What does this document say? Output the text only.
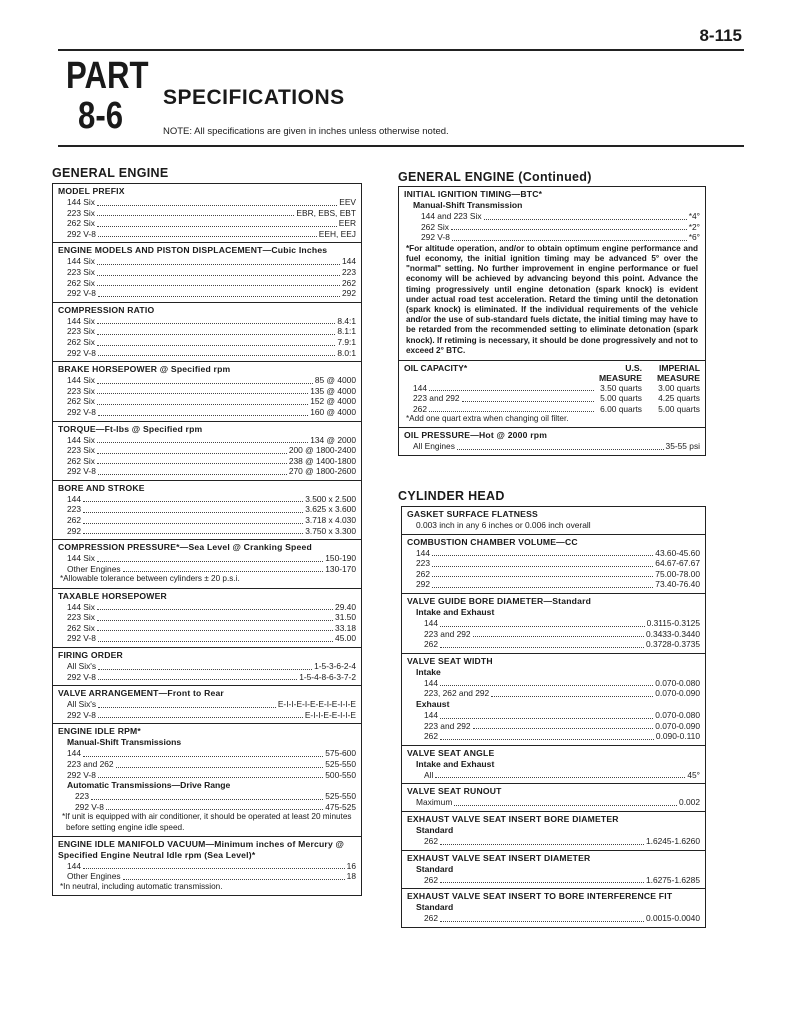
8-115
PART
8-6 SPECIFICATIONS
NOTE: All specifications are given in inches unless otherwise noted.
GENERAL ENGINE
MODEL PREFIX
144 Six	EEV
223 Six	EBR, EBS, EBT
262 Six	EER
292 V-8	EEH, EEJ
ENGINE MODELS AND PISTON DISPLACEMENT—Cubic Inches
144 Six	144
223 Six	223
262 Six	262
292 V-8	292
COMPRESSION RATIO
144 Six	8.4:1
223 Six	8.1:1
262 Six	7.9:1
292 V-8	8.0:1
BRAKE HORSEPOWER @ Specified rpm
144 Six	85 @ 4000
223 Six	135 @ 4000
262 Six	152 @ 4000
292 V-8	160 @ 4000
TORQUE—Ft-lbs @ Specified rpm
144 Six	134 @ 2000
223 Six	200 @ 1800-2400
262 Six	238 @ 1400-1800
292 V-8	270 @ 1800-2600
BORE AND STROKE
144	3.500 x 2.500
223	3.625 x 3.600
262	3.718 x 4.030
292	3.750 x 3.300
COMPRESSION PRESSURE*—Sea Level @ Cranking Speed
144 Six	150-190
Other Engines	130-170
*Allowable tolerance between cylinders ± 20 p.s.i.
TAXABLE HORSEPOWER
144 Six	29.40
223 Six	31.50
262 Six	33.18
292 V-8	45.00
FIRING ORDER
All Six's	1-5-3-6-2-4
292 V-8	1-5-4-8-6-3-7-2
VALVE ARRANGEMENT—Front to Rear
All Six's	E-I-I-E-I-E-E-I-E-I-I-E
292 V-8	E-I-I-E-E-I-I-E
ENGINE IDLE RPM*
Manual-Shift Transmissions
144	575-600
223 and 262	525-550
292 V-8	500-550
Automatic Transmissions—Drive Range
223	525-550
292 V-8	475-525
*If unit is equipped with air conditioner, it should be operated at least 20 minutes before setting engine idle speed.
ENGINE IDLE MANIFOLD VACUUM—Minimum inches of Mercury @ Specified Engine Neutral Idle rpm (Sea Level)*
144	16
Other Engines	18
*In neutral, including automatic transmission.
GENERAL ENGINE (Continued)
INITIAL IGNITION TIMING—BTC*
Manual-Shift Transmission
144 and 223 Six	*4°
262 Six	*2°
292 V-8	*6°
*For altitude operation, and/or to obtain optimum engine performance and fuel economy, the initial ignition timing may be advanced 5° over the "normal" setting. No further improvement in engine performance or fuel economy will be achieved by advancing beyond this point. Advance the timing progressively until engine detonation (spark knock) is evident under actual road test acceleration. Retard the timing until the detonation (spark knock) is eliminated. If the individual requirements of the vehicle and/or the use of sub-standard fuels dictate, the initial timing may have to be retarded from the recommended setting to eliminate detonation (spark knock). If retiming is necessary, it should be done progressively and not to exceed 2° BTC.
OIL CAPACITY*	U.S.	IMPERIAL
MEASURE	MEASURE
144	3.50 quarts	3.00 quarts
223 and 292	5.00 quarts	4.25 quarts
262	6.00 quarts	5.00 quarts
*Add one quart extra when changing oil filter.
OIL PRESSURE—Hot @ 2000 rpm
All Engines	35-55 psi
CYLINDER HEAD
GASKET SURFACE FLATNESS
0.003 inch in any 6 inches or 0.006 inch overall
COMBUSTION CHAMBER VOLUME—CC
144	43.60-45.60
223	64.67-67.67
262	75.00-78.00
292	73.40-76.40
VALVE GUIDE BORE DIAMETER—Standard
Intake and Exhaust
144	0.3115-0.3125
223 and 292	0.3433-0.3440
262	0.3728-0.3735
VALVE SEAT WIDTH
Intake
144	0.070-0.080
223, 262 and 292	0.070-0.090
Exhaust
144	0.070-0.080
223 and 292	0.070-0.090
262	0.090-0.110
VALVE SEAT ANGLE
Intake and Exhaust
All	45°
VALVE SEAT RUNOUT
Maximum	0.002
EXHAUST VALVE SEAT INSERT BORE DIAMETER
Standard
262	1.6245-1.6260
EXHAUST VALVE SEAT INSERT DIAMETER
Standard
262	1.6275-1.6285
EXHAUST VALVE SEAT INSERT TO BORE INTERFERENCE FIT
Standard
262	0.0015-0.0040
